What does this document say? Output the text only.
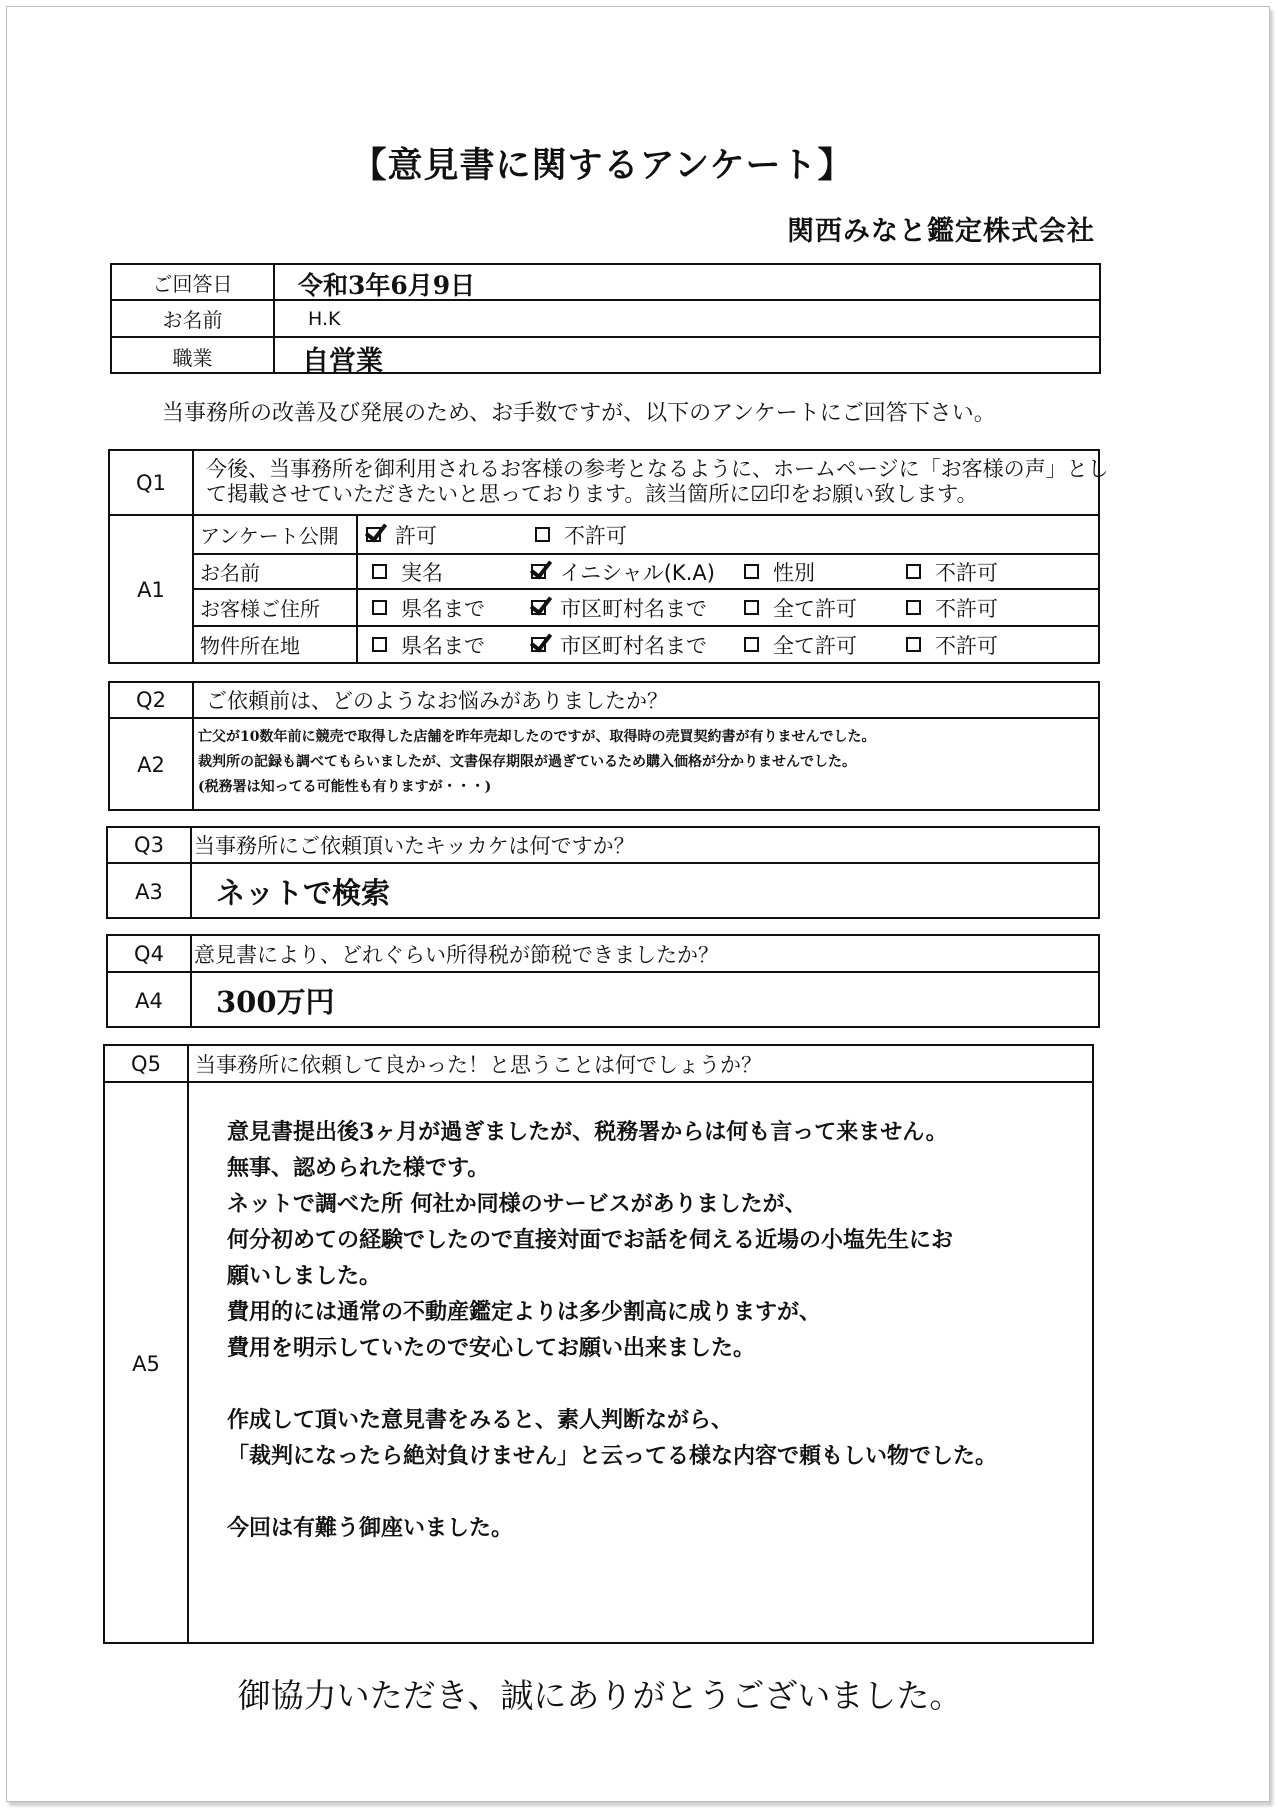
【意見書に関するアンケート】
関西みなと鑑定株式会社
ご回答日	令和3年6月9日
お名前	H.K
職業	自営業
当事務所の改善及び発展のため、お手数ですが、以下のアンケートにご回答下さい。
Q1
今後、当事務所を御利用されるお客様の参考となるように、ホームページに「お客様の声」とし
て掲載させていただきたいと思っております。該当箇所に☑印をお願い致します。
A1
アンケート公開	許可	不許可
お名前	実名	イニシャル(K.A)	性別	不許可
お客様ご住所	県名まで	市区町村名まで	全て許可	不許可
物件所在地	県名まで	市区町村名まで	全て許可	不許可
Q2	ご依頼前は、どのようなお悩みがありましたか？
A2
亡父が10数年前に競売で取得した店舗を昨年売却したのですが、取得時の売買契約書が有りませんでした。
裁判所の記録も調べてもらいましたが、文書保存期限が過ぎているため購入価格が分かりませんでした。
(税務署は知ってる可能性も有りますが・・・)
Q3	当事務所にご依頼頂いたキッカケは何ですか？
A3	ネットで検索
Q4	意見書により、どれぐらい所得税が節税できましたか？
A4	300万円
Q5	当事務所に依頼して良かった！と思うことは何でしょうか？
A5
意見書提出後3ヶ月が過ぎましたが、税務署からは何も言って来ません。
無事、認められた様です。
ネットで調べた所 何社か同様のサービスがありましたが、
何分初めての経験でしたので直接対面でお話を伺える近場の小塩先生にお
願いしました。
費用的には通常の不動産鑑定よりは多少割高に成りますが、
費用を明示していたので安心してお願い出来ました。
作成して頂いた意見書をみると、素人判断ながら、
「裁判になったら絶対負けません」と云ってる様な内容で頼もしい物でした。
今回は有難う御座いました。
御協力いただき、誠にありがとうございました。
